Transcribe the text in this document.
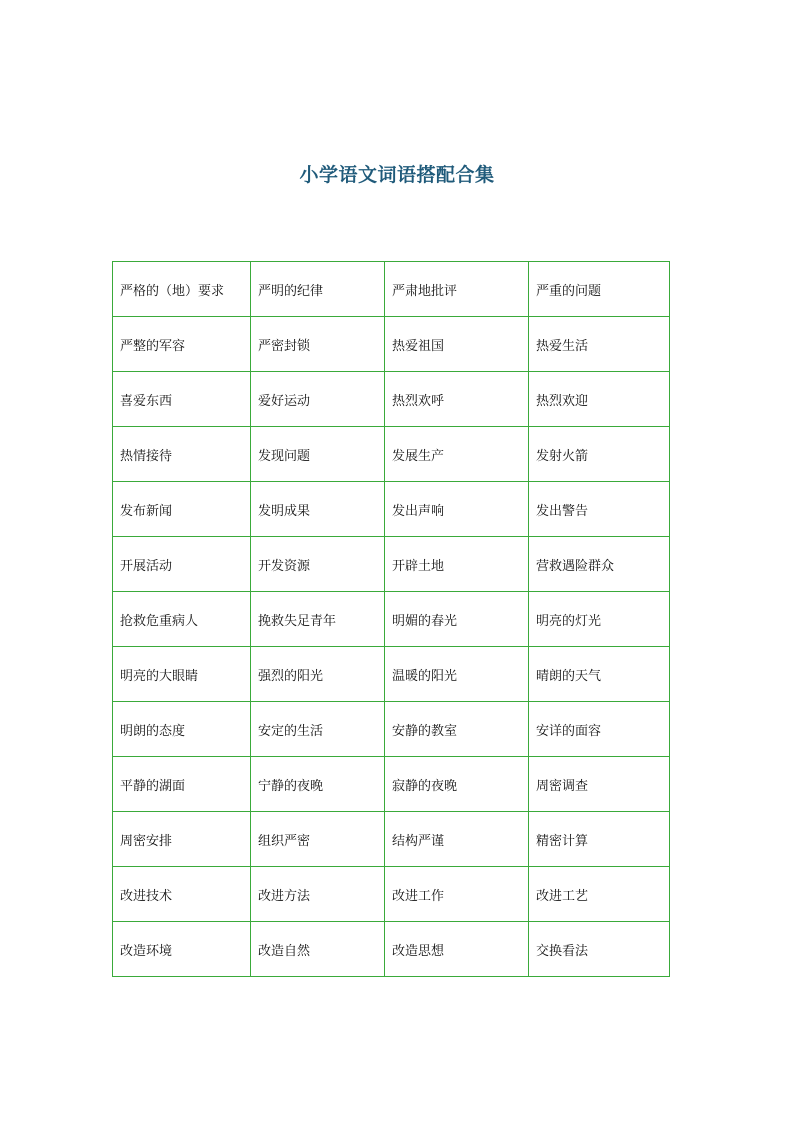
小学语文词语搭配合集
严格的（地）要求	严明的纪律	严肃地批评	严重的问题
严整的军容	严密封锁	热爱祖国	热爱生活
喜爱东西	爱好运动	热烈欢呼	热烈欢迎
热情接待	发现问题	发展生产	发射火箭
发布新闻	发明成果	发出声响	发出警告
开展活动	开发资源	开辟土地	营救遇险群众
抢救危重病人	挽救失足青年	明媚的春光	明亮的灯光
明亮的大眼睛	强烈的阳光	温暖的阳光	晴朗的天气
明朗的态度	安定的生活	安静的教室	安详的面容
平静的湖面	宁静的夜晚	寂静的夜晚	周密调查
周密安排	组织严密	结构严谨	精密计算
改进技术	改进方法	改进工作	改进工艺
改造环境	改造自然	改造思想	交换看法
